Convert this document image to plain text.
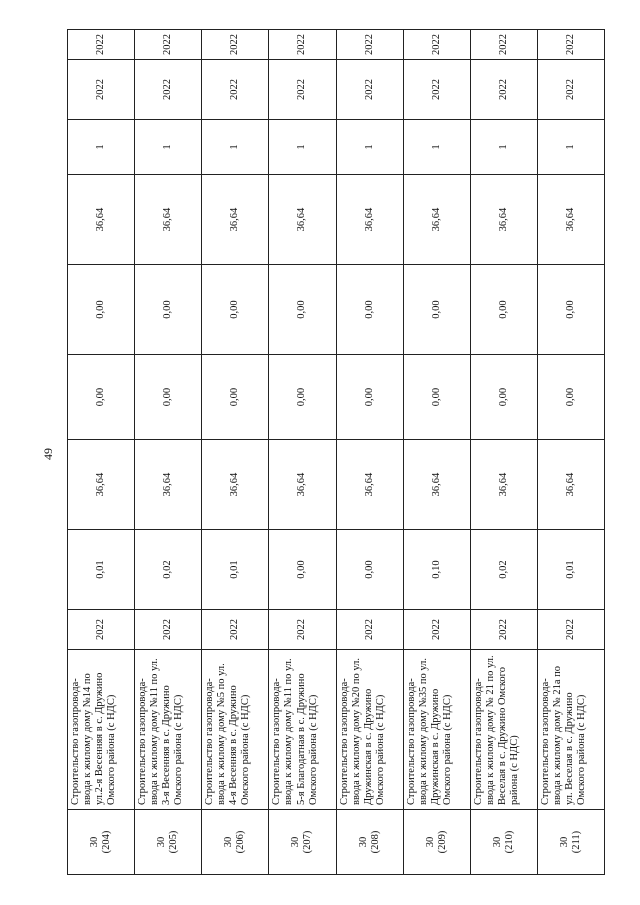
49
30 (204)	Строительство газопровода-ввода к жилому дому №14 по ул.2-я Весенняя в с. Дружино Омского района (с НДС)	2022	0,01	36,64	0,00	0,00	36,64	1	2022	2022

30 (205)	Строительство газопровода-ввода к жилому дому №11 по ул. 3-я Весенняя в с. Дружино Омского района (с НДС)	2022	0,02	36,64	0,00	0,00	36,64	1	2022	2022

30 (206)	Строительство газопровода-ввода к жилому дому №5 по ул. 4-я Весенняя в с. Дружино Омского района (с НДС)	2022	0,01	36,64	0,00	0,00	36,64	1	2022	2022

30 (207)	Строительство газопровода-ввода к жилому дому №11 по ул. 5-я Благодатная в с. Дружино Омского района (с НДС)	2022	0,00	36,64	0,00	0,00	36,64	1	2022	2022

30 (208)	Строительство газопровода-ввода к жилому дому №20 по ул. Дружинская в с. Дружино Омского района (с НДС)	2022	0,00	36,64	0,00	0,00	36,64	1	2022	2022

30 (209)	Строительство газопровода-ввода к жилому дому №35 по ул. Дружинская в с. Дружино Омского района (с НДС)	2022	0,10	36,64	0,00	0,00	36,64	1	2022	2022

30 (210)	Строительство газопровода-ввода к жилому дому № 21 по ул. Веселая в с. Дружино Омского района (с НДС)	2022	0,02	36,64	0,00	0,00	36,64	1	2022	2022

30 (211)	Строительство газопровода-ввода к жилому дому № 21а по ул. Веселая в с. Дружино Омского района (с НДС)	2022	0,01	36,64	0,00	0,00	36,64	1	2022	2022
